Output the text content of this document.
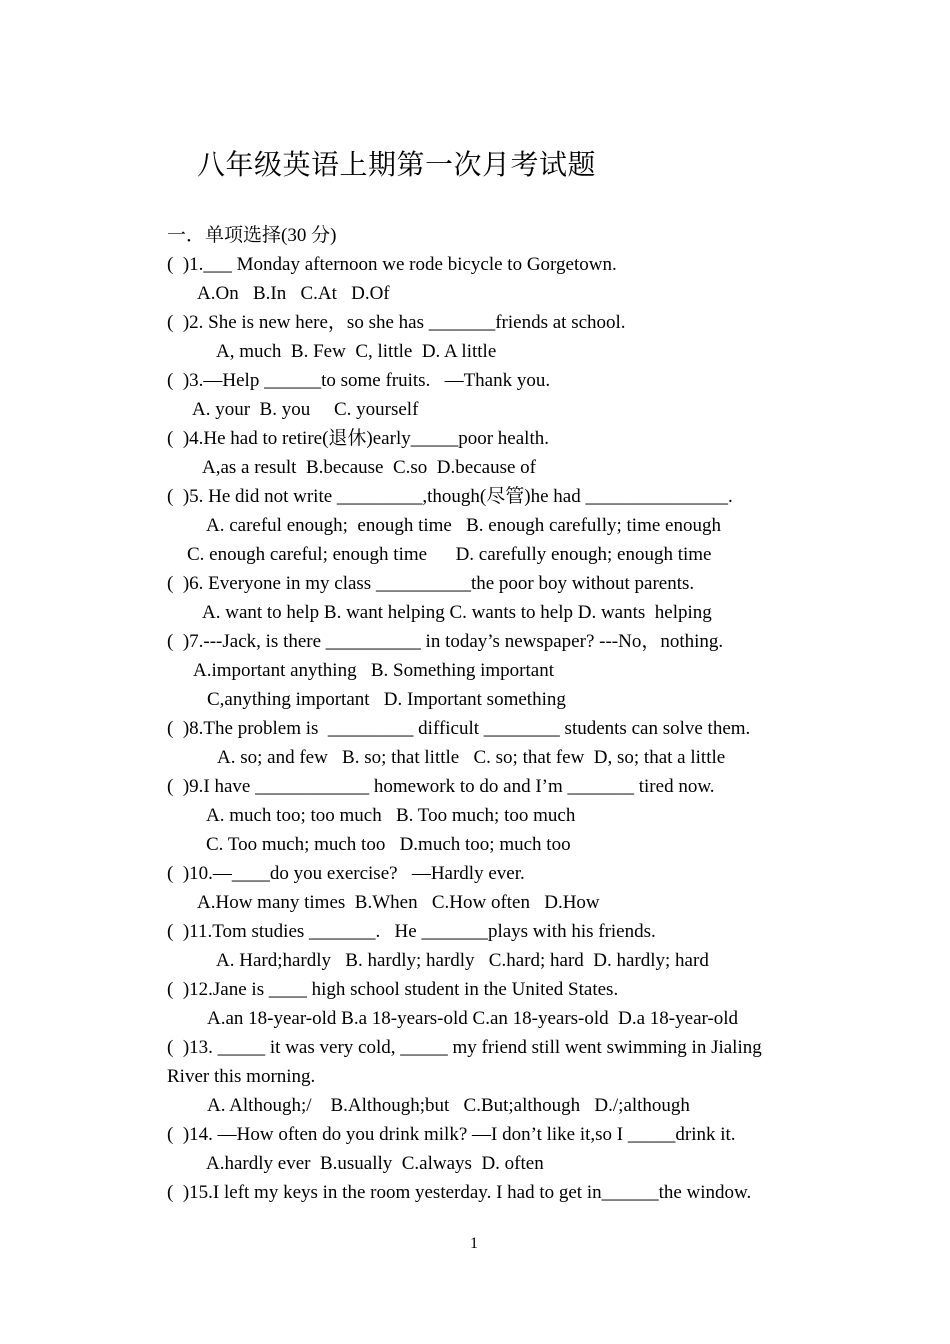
八年级英语上期第一次月考试题
一．单项选择(30 分)
(  )1.___ Monday afternoon we rode bicycle to Gorgetown.
A.On   B.In   C.At   D.Of
(  )2. She is new here，so she has _______friends at school.
A, much  B. Few  C, little  D. A little
(  )3.—Help ______to some fruits.   —Thank you.
A. your  B. you     C. yourself
(  )4.He had to retire(退休)early_____poor health.
A,as a result  B.because  C.so  D.because of
(  )5. He did not write _________,though(尽管)he had _______________.
A. careful enough;  enough time   B. enough carefully; time enough
C. enough careful; enough time      D. carefully enough; enough time
(  )6. Everyone in my class __________the poor boy without parents.
A. want to help B. want helping C. wants to help D. wants  helping
(  )7.---Jack, is there __________ in today’s newspaper? ---No，nothing.
A.important anything   B. Something important
C,anything important   D. Important something
(  )8.The problem is  _________ difficult ________ students can solve them.
A. so; and few   B. so; that little   C. so; that few  D, so; that a little
(  )9.I have ____________ homework to do and I’m _______ tired now.
A. much too; too much   B. Too much; too much
C. Too much; much too   D.much too; much too
(  )10.—____do you exercise?   —Hardly ever.
A.How many times  B.When   C.How often   D.How
(  )11.Tom studies _______.   He _______plays with his friends.
A. Hard;hardly   B. hardly; hardly   C.hard; hard  D. hardly; hard
(  )12.Jane is ____ high school student in the United States.
A.an 18-year-old B.a 18-years-old C.an 18-years-old  D.a 18-year-old
(  )13. _____ it was very cold, _____ my friend still went swimming in Jialing
River this morning.
A. Although;/    B.Although;but   C.But;although   D./;although
(  )14. —How often do you drink milk? —I don’t like it,so I _____drink it.
A.hardly ever  B.usually  C.always  D. often
(  )15.I left my keys in the room yesterday. I had to get in______the window.
1
